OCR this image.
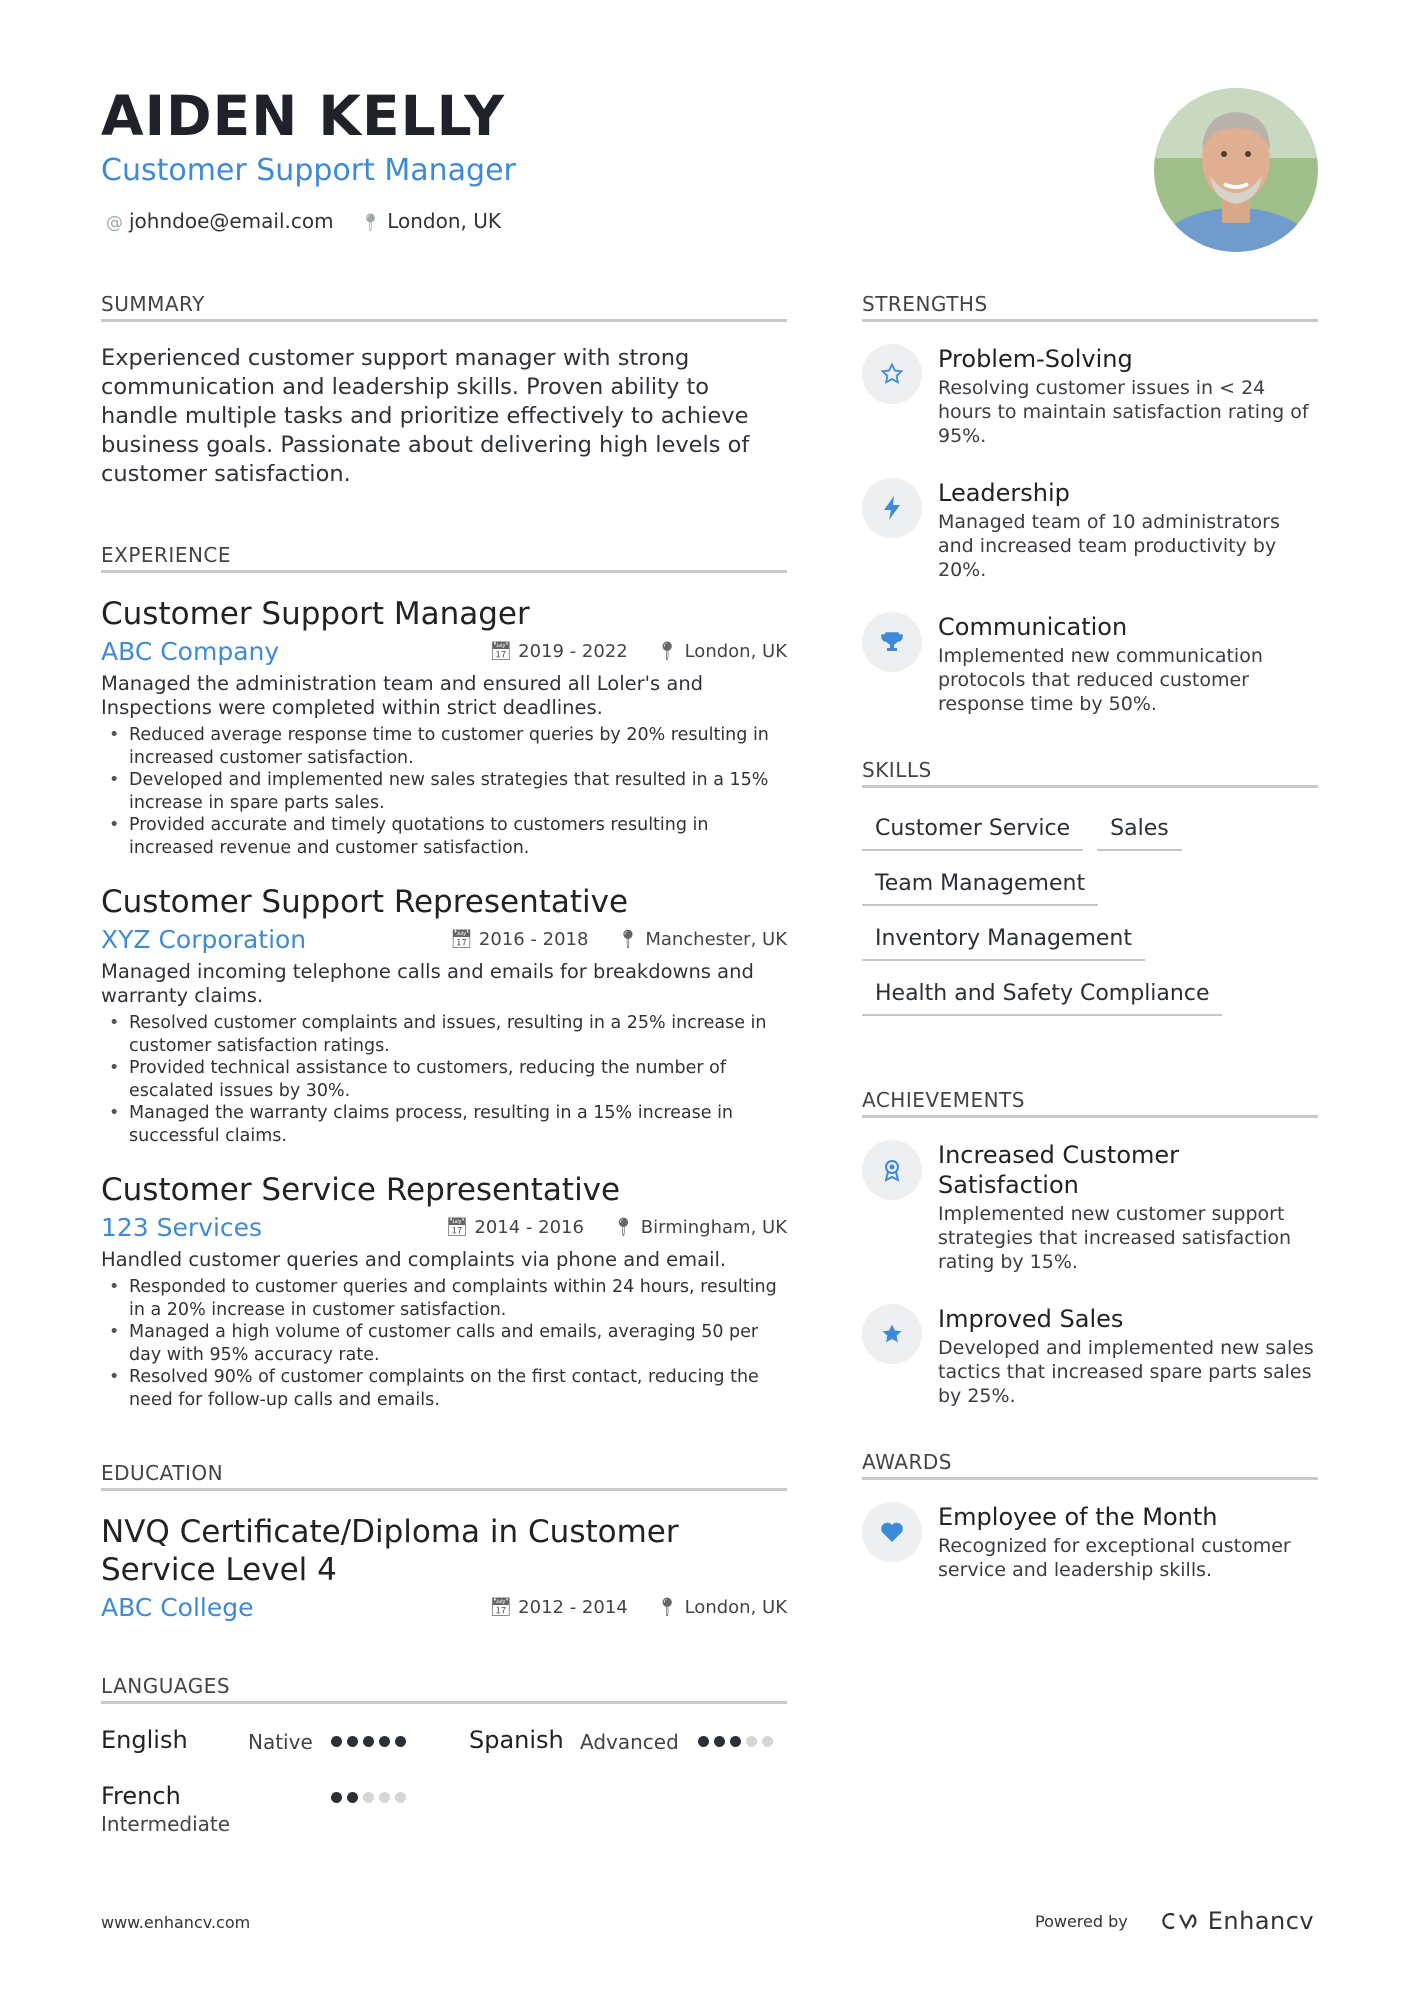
AIDEN KELLY
Customer Support Manager
@ johndoe@email.com 📍︎ London, UK
SUMMARY
Experienced customer support manager with strong communication and leadership skills. Proven ability to handle multiple tasks and prioritize effectively to achieve business goals. Passionate about delivering high levels of customer satisfaction.
EXPERIENCE
Customer Support Manager
ABC Company	📅︎ 2019 - 2022 📍︎ London, UK
Managed the administration team and ensured all Loler's and Inspections were completed within strict deadlines.
• Reduced average response time to customer queries by 20% resulting in increased customer satisfaction.
• Developed and implemented new sales strategies that resulted in a 15% increase in spare parts sales.
• Provided accurate and timely quotations to customers resulting in increased revenue and customer satisfaction.
Customer Support Representative
XYZ Corporation	📅︎ 2016 - 2018 📍︎ Manchester, UK
Managed incoming telephone calls and emails for breakdowns and warranty claims.
• Resolved customer complaints and issues, resulting in a 25% increase in customer satisfaction ratings.
• Provided technical assistance to customers, reducing the number of escalated issues by 30%.
• Managed the warranty claims process, resulting in a 15% increase in successful claims.
Customer Service Representative
123 Services	📅︎ 2014 - 2016 📍︎ Birmingham, UK
Handled customer queries and complaints via phone and email.
• Responded to customer queries and complaints within 24 hours, resulting in a 20% increase in customer satisfaction.
• Managed a high volume of customer calls and emails, averaging 50 per day with 95% accuracy rate.
• Resolved 90% of customer complaints on the first contact, reducing the need for follow-up calls and emails.
EDUCATION
NVQ Certificate/Diploma in Customer Service Level 4
ABC College	📅︎ 2012 - 2014 📍︎ London, UK
LANGUAGES
English	Native	Spanish Advanced
French
Intermediate
STRENGTHS
Problem-Solving
Resolving customer issues in < 24 hours to maintain satisfaction rating of 95%.
Leadership
Managed team of 10 administrators and increased team productivity by 20%.
Communication
Implemented new communication protocols that reduced customer response time by 50%.
SKILLS
Customer Service	Sales
Team Management
Inventory Management
Health and Safety Compliance
ACHIEVEMENTS
Increased Customer Satisfaction
Implemented new customer support strategies that increased satisfaction rating by 15%.
Improved Sales
Developed and implemented new sales tactics that increased spare parts sales by 25%.
AWARDS
Employee of the Month
Recognized for exceptional customer service and leadership skills.
www.enhancv.com	Powered by	Enhancv
